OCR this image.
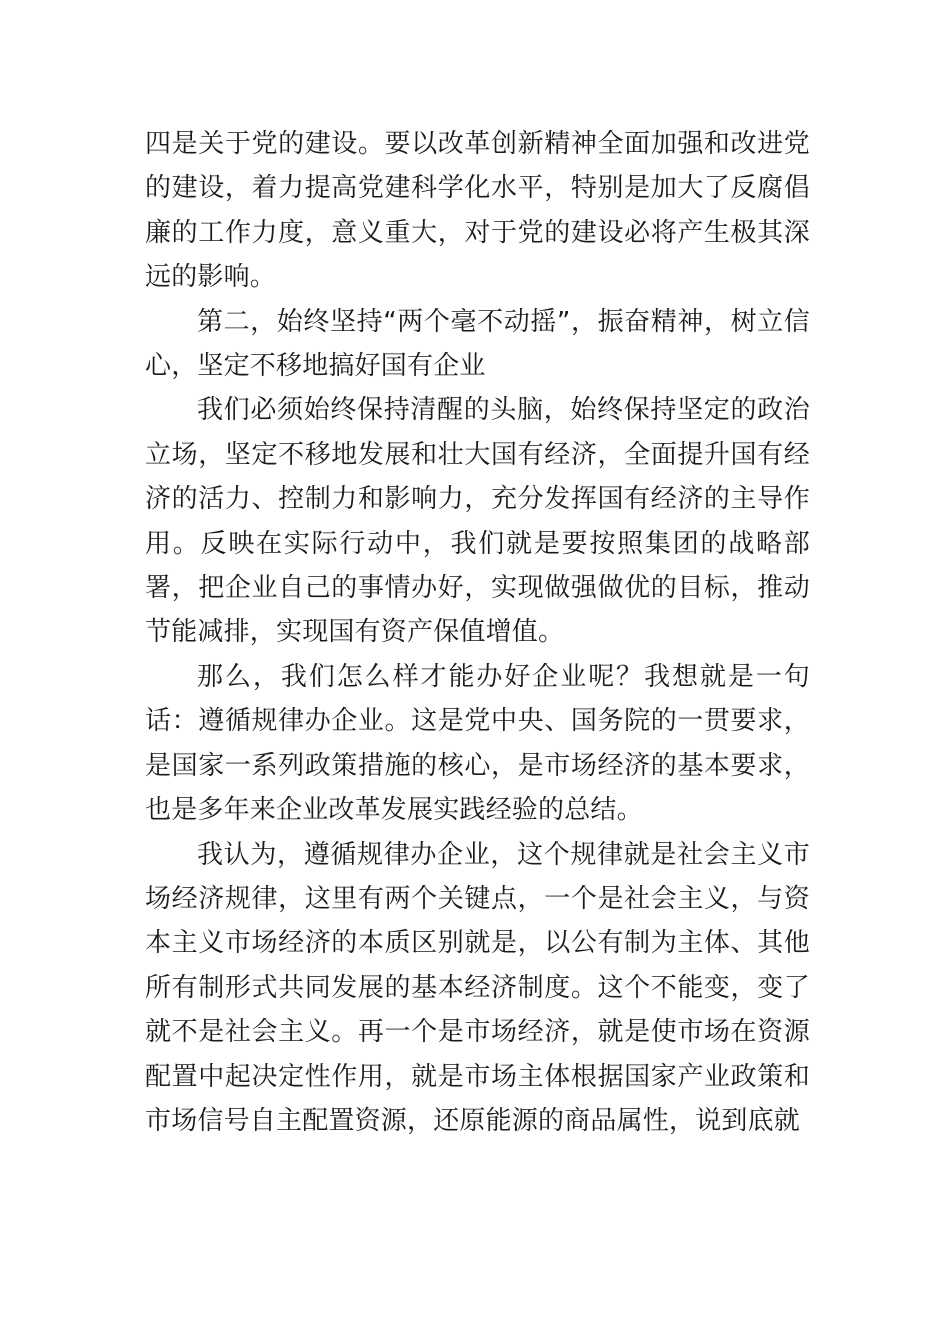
四是关于党的建设。要以改革创新精神全面加强和改进党的建设，着力提高党建科学化水平，特别是加大了反腐倡廉的工作力度，意义重大，对于党的建设必将产生极其深远的影响。

第二，始终坚持“两个毫不动摇”，振奋精神，树立信心，坚定不移地搞好国有企业

我们必须始终保持清醒的头脑，始终保持坚定的政治立场，坚定不移地发展和壮大国有经济，全面提升国有经济的活力、控制力和影响力，充分发挥国有经济的主导作用。反映在实际行动中，我们就是要按照集团的战略部署，把企业自己的事情办好，实现做强做优的目标，推动节能减排，实现国有资产保值增值。

那么，我们怎么样才能办好企业呢？我想就是一句话：遵循规律办企业。这是党中央、国务院的一贯要求，是国家一系列政策措施的核心，是市场经济的基本要求，也是多年来企业改革发展实践经验的总结。

我认为，遵循规律办企业，这个规律就是社会主义市场经济规律，这里有两个关键点，一个是社会主义，与资本主义市场经济的本质区别就是，以公有制为主体、其他所有制形式共同发展的基本经济制度。这个不能变，变了就不是社会主义。再一个是市场经济，就是使市场在资源配置中起决定性作用，就是市场主体根据国家产业政策和市场信号自主配置资源，还原能源的商品属性，说到底就
